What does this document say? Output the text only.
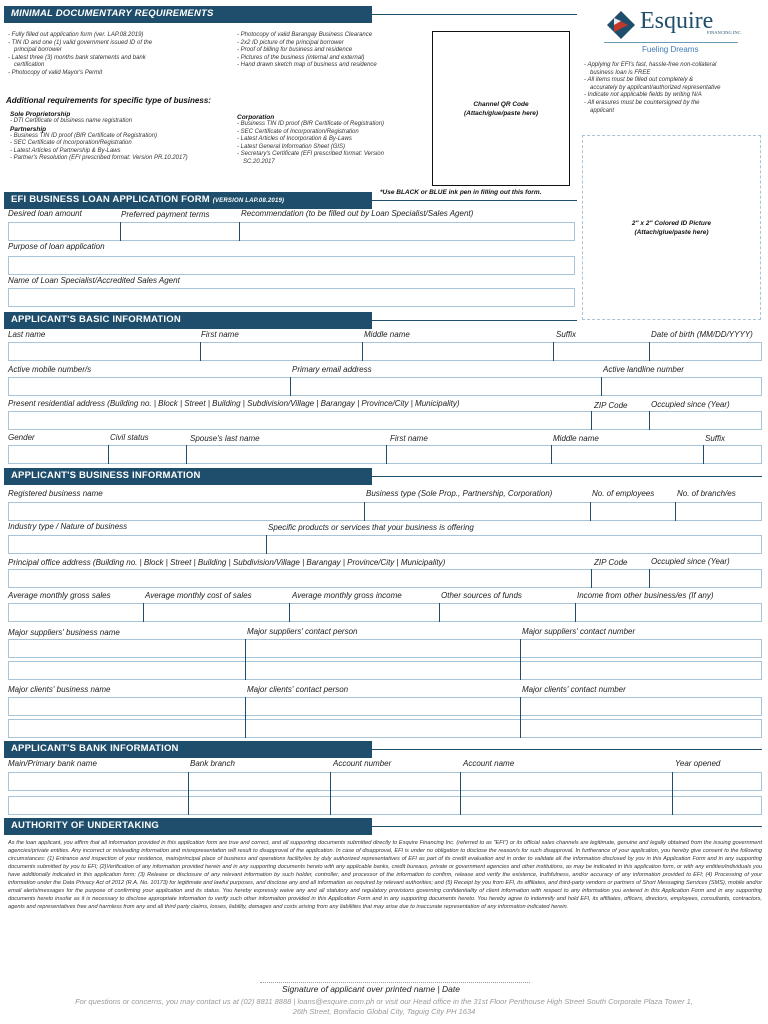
MINIMAL DOCUMENTARY REQUIREMENTS
- Fully filled out application form (ver. LAP.08.2019)
- TIN ID and one (1) valid government issued ID of the
principal borrower
- Latest three (3) months bank statements and bank
certification
- Photocopy of valid Mayor's Permit
- Photocopy of valid Barangay Business Clearance
- 2x2 ID picture of the principal borrower
- Proof of billing for business and residence
- Pictures of the business (internal and external)
- Hand drawn sketch map of business and residence
Additional requirements for specific type of business:
Sole Proprietorship
- DTI Certificate of business name registration
Partnership
- Business TIN ID proof (BIR Certificate of Registration)
- SEC Certificate of Incorporation/Registration
- Latest Articles of Partnership & By-Laws
- Partner's Resolution (EFI prescribed format: Version PR.10.2017)
Corporation
- Business TIN ID proof (BIR Certificate of Registration)
- SEC Certificate of Incorporation/Registration
- Latest Articles of Incorporation & By-Laws
- Latest General Information Sheet (GIS)
- Secretary's Certificate (EFI prescribed format: Version
SC.20.2017
Channel QR Code (Attach/glue/paste here)
Esquire
FINANCING INC.
Fueling Dreams
- Applying for EFI's fast, hassle-free non-collateral
business loan is FREE
- All items must be filled out completely &
accurately by applicant/authorized representative
- Indicate not applicable fields by writing N/A
- All erasures must be countersigned by the
applicant
2" x 2" Colored ID Picture (Attach/glue/paste here)
*Use BLACK or BLUE ink pen in filling out this form.
EFI BUSINESS LOAN APPLICATION FORM (VERSION LAP.08.2019)
Desired loan amount	Preferred payment terms	Recommendation (to be filled out by Loan Specialist/Sales Agent)
Purpose of loan application
Name of Loan Specialist/Accredited Sales Agent
APPLICANT'S BASIC INFORMATION
Last name	First name	Middle name	Suffix	Date of birth (MM/DD/YYYY)
Active mobile number/s	Primary email address	Active landline number
Present residential address (Building no. | Block | Street | Building | Subdivision/Village | Barangay | Province/City | Municipality)	ZIP Code	Occupied since (Year)
Gender	Civil status	Spouse's last name	First name	Middle name	Suffix
APPLICANT'S BUSINESS INFORMATION
Registered business name	Business type (Sole Prop., Partnership, Corporation)	No. of employees	No. of branch/es
Industry type / Nature of business	Specific products or services that your business is offering
Principal office address (Building no. | Block | Street | Building | Subdivision/Village | Barangay | Province/City | Municipality)	ZIP Code	Occupied since (Year)
Average monthly gross sales	Average monthly cost of sales	Average monthly gross income	Other sources of funds	Income from other business/es (If any)
Major suppliers' business name	Major suppliers' contact person	Major suppliers' contact number
Major clients' business name	Major clients' contact person	Major clients' contact number
APPLICANT'S BANK INFORMATION
Main/Primary bank name	Bank branch	Account number	Account name	Year opened
AUTHORITY OF UNDERTAKING
As the loan applicant, you affirm that all information provided in this application form are true and correct, and all supporting documents submitted directly to Esquire Financing Inc. (referred to as "EFI") or its official sales channels are legitimate, genuine and legally obtained from the issuing government agencies/private entities. Any incorrect or misleading information and misrepresentation will result to disapproval of the application. In case of disapproval, EFI is under no obligation to disclose the reason/s for such disapproval. In furtherance of your application, you hereby give consent to the following circumstances: (1) Entrance and inspection of your residence, main/principal place of business and operations facility/ies by duly authorized representatives of EFI as part of its credit evaluation and in order to validate all the information disclosed by you in this Application Form and in any supporting documents submitted by you to EFI; (2)Verification of any information provided herein and in any supporting documents hereto with any applicable banks, credit bureaus, private or government agencies and other institutions, as may be indicated in this application form, or with any entities/individuals you have additionally indicated in this application form; (3) Release or disclosure of any relevant information by such holder, controller, and processor of the information to confirm, release and verify the existence, truthfulness, and/or accuracy of any information provided to EFI; (4) Processing of your information under the Data Privacy Act of 2012 (R.A. No. 10173) for legitimate and lawful purposes, and disclose any and all information as required by relevant authorities; and (5) Receipt by you from EFI, its affiliates, and third-party vendors or partners of Short Messaging Services (SMS), mobile and/or email alerts/messages for the purpose of confirming your application and its status. You hereby expressly waive any and all statutory and regulatory provisions governing confidentiality of client information with respect to any information you entered in this Application Form and in any supporting documents hereto insofar as it is necessary to disclose appropriate information to verify such other information provided in this Application Form and in any supporting documents hereto. You hereby agree to indemnify and hold EFI, its affiliates, officers, directors, employees, consultants, contractors, agents and representatives free and harmless from any and all third party claims, losses, liability, damages and costs arising from any liabilities that may arise due to inaccurate representation of any information indicated herein.
Signature of applicant over printed name | Date
For questions or concerns, you may contact us at (02) 8811 8888 | loans@esquire.com.ph or visit our Head office in the 31st Floor Penthouse High Street South Corporate Plaza Tower 1,
26th Street, Bonifacio Global City, Taguig City PH 1634
